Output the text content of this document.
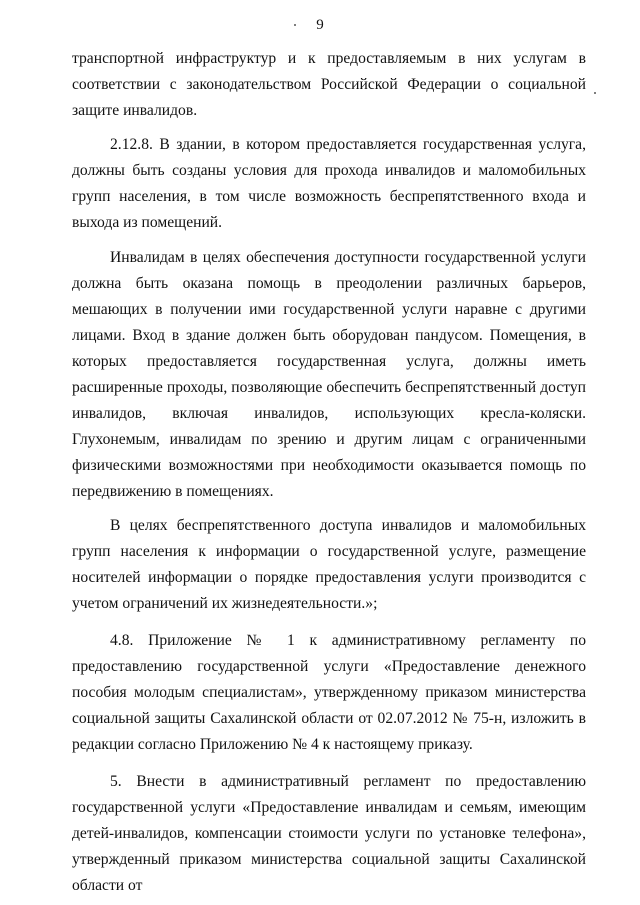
9

транспортной инфраструктур и к предоставляемым в них услугам в соответствии с законодательством Российской Федерации о социальной защите инвалидов.

2.12.8. В здании, в котором предоставляется государственная услуга, должны быть созданы условия для прохода инвалидов и маломобильных групп населения, в том числе возможность беспрепятственного входа и выхода из помещений.

Инвалидам в целях обеспечения доступности государственной услуги должна быть оказана помощь в преодолении различных барьеров, мешающих в получении ими государственной услуги наравне с другими лицами. Вход в здание должен быть оборудован пандусом. Помещения, в которых предоставляется государственная услуга, должны иметь расширенные проходы, позволяющие обеспечить беспрепятственный доступ инвалидов, включая инвалидов, использующих кресла-коляски. Глухонемым, инвалидам по зрению и другим лицам с ограниченными физическими возможностями при необходимости оказывается помощь по передвижению в помещениях.

В целях беспрепятственного доступа инвалидов и маломобильных групп населения к информации о государственной услуге, размещение носителей информации о порядке предоставления услуги производится с учетом ограничений их жизнедеятельности.»;

4.8. Приложение № 1 к административному регламенту по предоставлению государственной услуги «Предоставление денежного пособия молодым специалистам», утвержденному приказом министерства социальной защиты Сахалинской области от 02.07.2012 № 75-н, изложить в редакции согласно Приложению № 4 к настоящему приказу.

5. Внести в административный регламент по предоставлению государственной услуги «Предоставление инвалидам и семьям, имеющим детей-инвалидов, компенсации стоимости услуги по установке телефона», утвержденный приказом министерства социальной защиты Сахалинской области от
